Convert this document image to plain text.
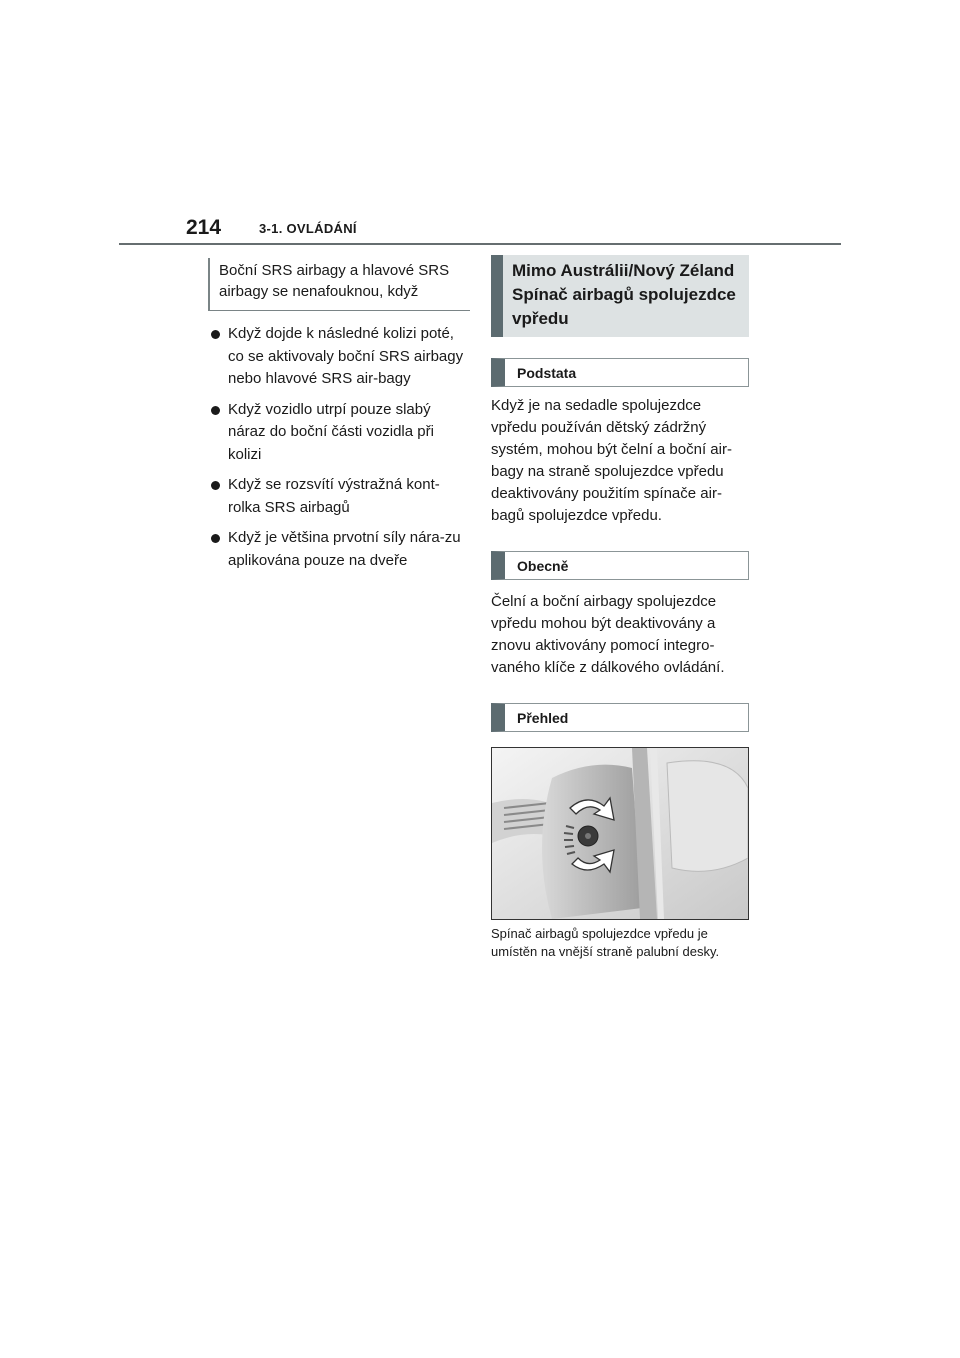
214	3-1. OVLÁDÁNÍ
Boční SRS airbagy a hlavové SRS airbagy se nenafouknou, když
Když dojde k následné kolizi poté, co se aktivovaly boční SRS airbagy nebo hlavové SRS air-bagy
Když vozidlo utrpí pouze slabý náraz do boční části vozidla při kolizi
Když se rozsvítí výstražná kont-rolka SRS airbagů
Když je většina prvotní síly nára-zu aplikována pouze na dveře
Mimo Austrálii/Nový Zéland Spínač airbagů spolujezdce vpředu
Podstata

Když je na sedadle spolujezdce vpředu používán dětský zádržný systém, mohou být čelní a boční air-bagy na straně spolujezdce vpředu deaktivovány použitím spínače air-bagů spolujezdce vpředu.

Obecně

Čelní a boční airbagy spolujezdce vpředu mohou být deaktivovány a znovu aktivovány pomocí integro-vaného klíče z dálkového ovládání.

Přehled
Spínač airbagů spolujezdce vpředu je umístěn na vnější straně palubní desky.
